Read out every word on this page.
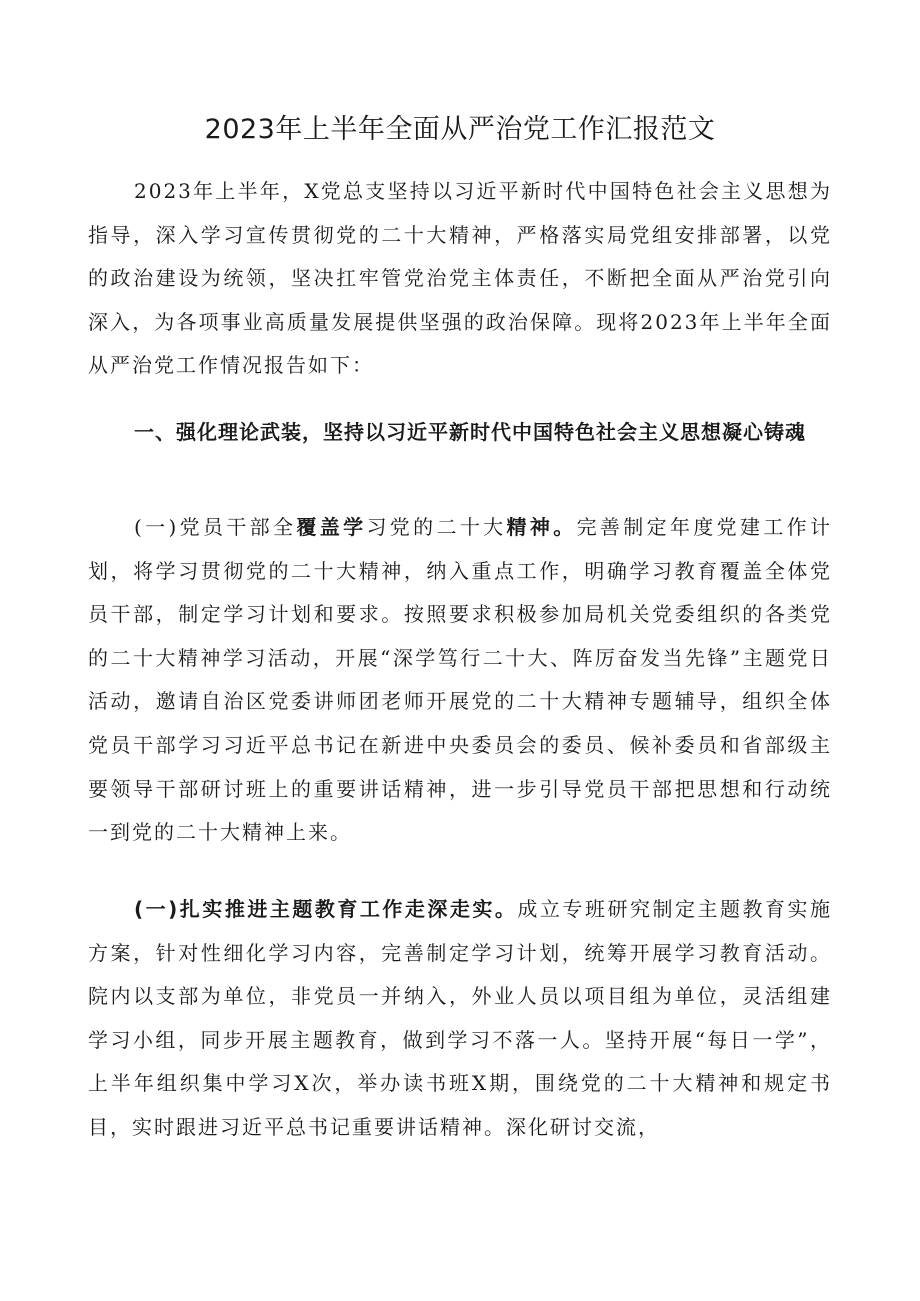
2023年上半年全面从严治党工作汇报范文

2023年上半年，X党总支坚持以习近平新时代中国特色社会主义思想为指导，深入学习宣传贯彻党的二十大精神，严格落实局党组安排部署，以党的政治建设为统领，坚决扛牢管党治党主体责任，不断把全面从严治党引向深入，为各项事业高质量发展提供坚强的政治保障。现将2023年上半年全面从严治党工作情况报告如下：

一、强化理论武装，坚持以习近平新时代中国特色社会主义思想凝心铸魂

(一)党员干部全覆盖学习党的二十大精神。完善制定年度党建工作计划，将学习贯彻党的二十大精神，纳入重点工作，明确学习教育覆盖全体党员干部，制定学习计划和要求。按照要求积极参加局机关党委组织的各类党的二十大精神学习活动，开展“深学笃行二十大、阵厉奋发当先锋”主题党日活动，邀请自治区党委讲师团老师开展党的二十大精神专题辅导，组织全体党员干部学习习近平总书记在新进中央委员会的委员、候补委员和省部级主要领导干部研讨班上的重要讲话精神，进一步引导党员干部把思想和行动统一到党的二十大精神上来。

(一)扎实推进主题教育工作走深走实。成立专班研究制定主题教育实施方案，针对性细化学习内容，完善制定学习计划，统筹开展学习教育活动。院内以支部为单位，非党员一并纳入，外业人员以项目组为单位，灵活组建学习小组，同步开展主题教育，做到学习不落一人。坚持开展“每日一学”，上半年组织集中学习X次，举办读书班X期，围绕党的二十大精神和规定书目，实时跟进习近平总书记重要讲话精神。深化研讨交流，
